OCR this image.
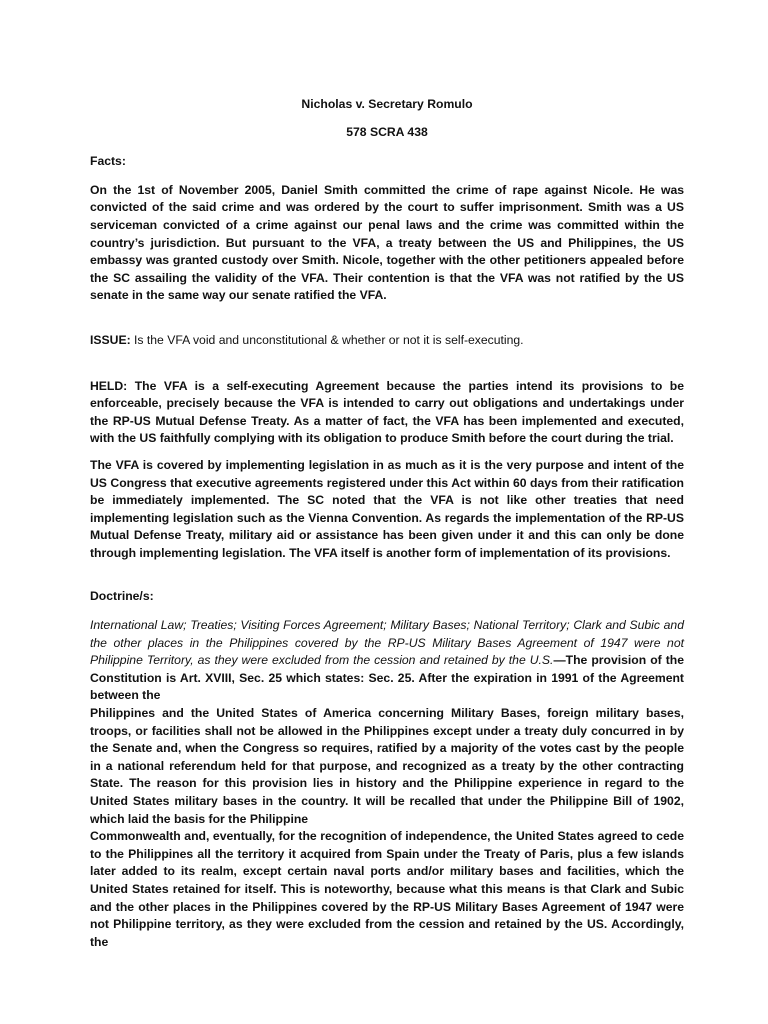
Nicholas v. Secretary Romulo
578 SCRA 438
Facts:

On the 1st of November 2005, Daniel Smith committed the crime of rape against Nicole. He was convicted of the said crime and was ordered by the court to suffer imprisonment. Smith was a US serviceman convicted of a crime against our penal laws and the crime was committed within the country’s jurisdiction. But pursuant to the VFA, a treaty between the US and Philippines, the US embassy was granted custody over Smith. Nicole, together with the other petitioners appealed before the SC assailing the validity of the VFA. Their contention is that the VFA was not ratified by the US senate in the same way our senate ratified the VFA.

ISSUE: Is the VFA void and unconstitutional & whether or not it is self-executing.

HELD: The VFA is a self-executing Agreement because the parties intend its provisions to be enforceable, precisely because the VFA is intended to carry out obligations and undertakings under the RP-US Mutual Defense Treaty. As a matter of fact, the VFA has been implemented and executed, with the US faithfully complying with its obligation to produce Smith before the court during the trial.

The VFA is covered by implementing legislation in as much as it is the very purpose and intent of the US Congress that executive agreements registered under this Act within 60 days from their ratification be immediately implemented. The SC noted that the VFA is not like other treaties that need implementing legislation such as the Vienna Convention. As regards the implementation of the RP-US Mutual Defense Treaty, military aid or assistance has been given under it and this can only be done through implementing legislation. The VFA itself is another form of implementation of its provisions.

Doctrine/s:

International Law; Treaties; Visiting Forces Agreement; Military Bases; National Territory; Clark and Subic and the other places in the Philippines covered by the RP-US Military Bases Agreement of 1947 were not Philippine Territory, as they were excluded from the cession and retained by the U.S.—The provision of the Constitution is Art. XVIII, Sec. 25 which states: Sec. 25. After the expiration in 1991 of the Agreement between the

Philippines and the United States of America concerning Military Bases, foreign military bases, troops, or facilities shall not be allowed in the Philippines except under a treaty duly concurred in by the Senate and, when the Congress so requires, ratified by a majority of the votes cast by the people in a national referendum held for that purpose, and recognized as a treaty by the other contracting State. The reason for this provision lies in history and the Philippine experience in regard to the United States military bases in the country. It will be recalled that under the Philippine Bill of 1902, which laid the basis for the Philippine

Commonwealth and, eventually, for the recognition of independence, the United States agreed to cede to the Philippines all the territory it acquired from Spain under the Treaty of Paris, plus a few islands later added to its realm, except certain naval ports and/or military bases and facilities, which the United States retained for itself. This is noteworthy, because what this means is that Clark and Subic and the other places in the Philippines covered by the RP-US Military Bases Agreement of 1947 were not Philippine territory, as they were excluded from the cession and retained by the US. Accordingly, the
